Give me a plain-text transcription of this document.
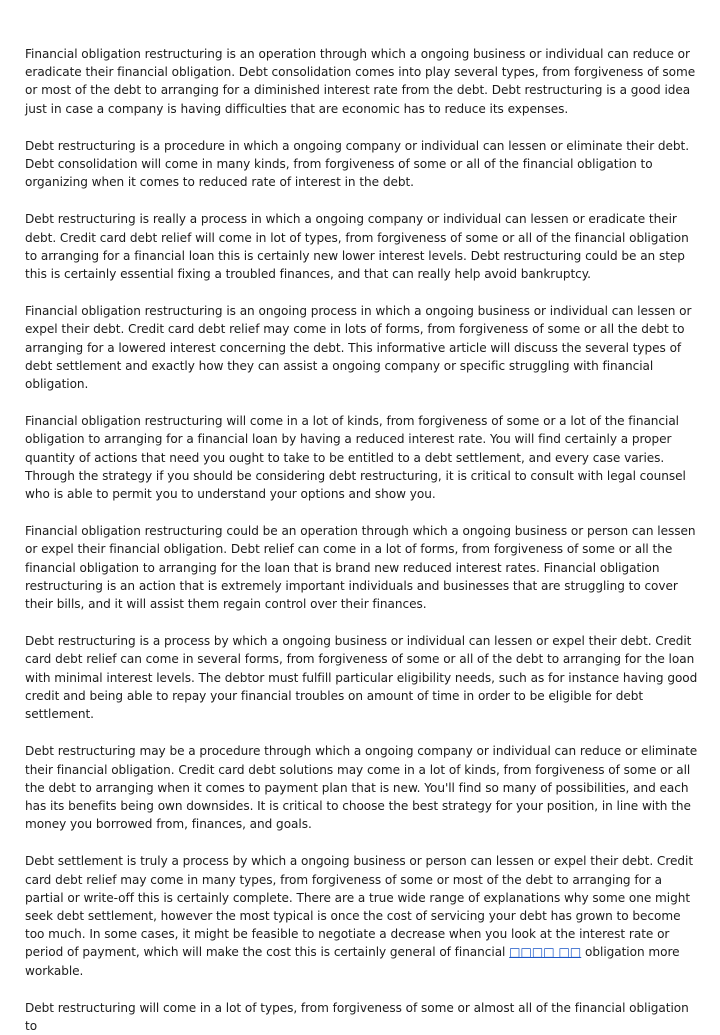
Financial obligation restructuring is an operation through which a ongoing business or individual can reduce or eradicate their financial obligation. Debt consolidation comes into play several types, from forgiveness of some or most of the debt to arranging for a diminished interest rate from the debt. Debt restructuring is a good idea just in case a company is having difficulties that are economic has to reduce its expenses.

Debt restructuring is a procedure in which a ongoing company or individual can lessen or eliminate their debt. Debt consolidation will come in many kinds, from forgiveness of some or all of the financial obligation to organizing when it comes to reduced rate of interest in the debt.

Debt restructuring is really a process in which a ongoing company or individual can lessen or eradicate their debt. Credit card debt relief will come in lot of types, from forgiveness of some or all of the financial obligation to arranging for a financial loan this is certainly new lower interest levels. Debt restructuring could be an step this is certainly essential fixing a troubled finances, and that can really help avoid bankruptcy.

Financial obligation restructuring is an ongoing process in which a ongoing business or individual can lessen or expel their debt. Credit card debt relief may come in lots of forms, from forgiveness of some or all the debt to arranging for a lowered interest concerning the debt. This informative article will discuss the several types of debt settlement and exactly how they can assist a ongoing company or specific struggling with financial obligation.

Financial obligation restructuring will come in a lot of kinds, from forgiveness of some or a lot of the financial obligation to arranging for a financial loan by having a reduced interest rate. You will find certainly a proper quantity of actions that need you ought to take to be entitled to a debt settlement, and every case varies. Through the strategy if you should be considering debt restructuring, it is critical to consult with legal counsel who is able to permit you to understand your options and show you.

Financial obligation restructuring could be an operation through which a ongoing business or person can lessen or expel their financial obligation. Debt relief can come in a lot of forms, from forgiveness of some or all the financial obligation to arranging for the loan that is brand new reduced interest rates. Financial obligation restructuring is an action that is extremely important individuals and businesses that are struggling to cover their bills, and it will assist them regain control over their finances.

Debt restructuring is a process by which a ongoing business or individual can lessen or expel their debt. Credit card debt relief can come in several forms, from forgiveness of some or all of the debt to arranging for the loan with minimal interest levels. The debtor must fulfill particular eligibility needs, such as for instance having good credit and being able to repay your financial troubles on amount of time in order to be eligible for debt settlement.

Debt restructuring may be a procedure through which a ongoing company or individual can reduce or eliminate their financial obligation. Credit card debt solutions may come in a lot of kinds, from forgiveness of some or all the debt to arranging when it comes to payment plan that is new. You'll find so many of possibilities, and each has its benefits being own downsides. It is critical to choose the best strategy for your position, in line with the money you borrowed from, finances, and goals.

Debt settlement is truly a process by which a ongoing business or person can lessen or expel their debt. Credit card debt relief may come in many types, from forgiveness of some or most of the debt to arranging for a partial or write-off this is certainly complete. There are a true wide range of explanations why some one might seek debt settlement, however the most typical is once the cost of servicing your debt has grown to become too much. In some cases, it might be feasible to negotiate a decrease when you look at the interest rate or period of payment, which will make the cost this is certainly general of financial □□□□ □□ obligation more workable.

Debt restructuring will come in a lot of types, from forgiveness of some or almost all of the financial obligation to
